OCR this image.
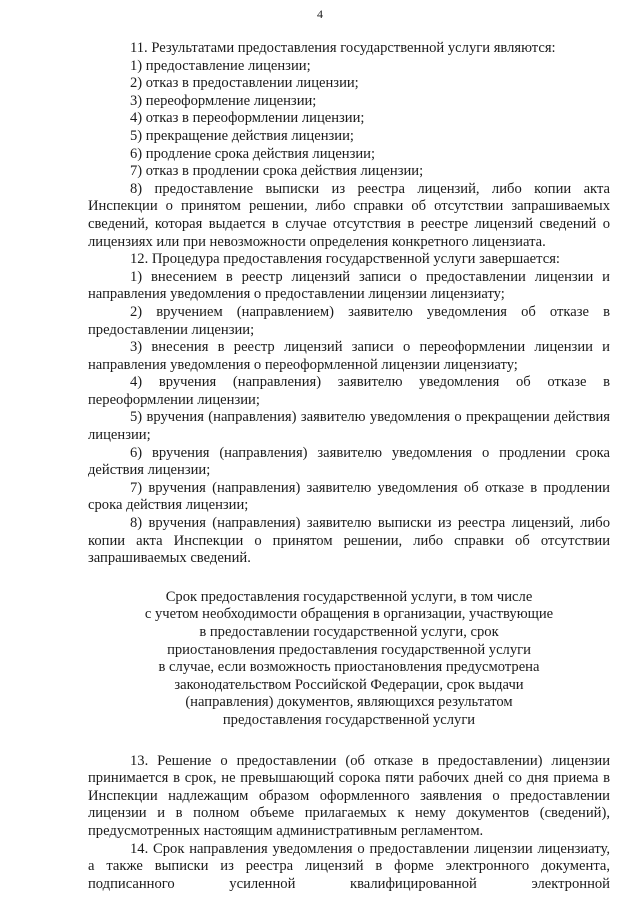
4
11. Результатами предоставления государственной услуги являются:
1) предоставление лицензии;
2) отказ в предоставлении лицензии;
3) переоформление лицензии;
4) отказ в переоформлении лицензии;
5) прекращение действия лицензии;
6) продление срока действия лицензии;
7) отказ в продлении срока действия лицензии;
8) предоставление выписки из реестра лицензий, либо копии акта Инспекции о принятом решении, либо справки об отсутствии запрашиваемых сведений, которая выдается в случае отсутствия в реестре лицензий сведений о лицензиях или при невозможности определения конкретного лицензиата.
12. Процедура предоставления государственной услуги завершается:
1) внесением в реестр лицензий записи о предоставлении лицензии и направления уведомления о предоставлении лицензии лицензиату;
2) вручением (направлением) заявителю уведомления об отказе в предоставлении лицензии;
3) внесения в реестр лицензий записи о переоформлении лицензии и направления уведомления о переоформленной лицензии лицензиату;
4) вручения (направления) заявителю уведомления об отказе в переоформлении лицензии;
5) вручения (направления) заявителю уведомления о прекращении действия лицензии;
6) вручения (направления) заявителю уведомления о продлении срока действия лицензии;
7) вручения (направления) заявителю уведомления об отказе в продлении срока действия лицензии;
8) вручения (направления) заявителю выписки из реестра лицензий, либо копии акта Инспекции о принятом решении, либо справки об отсутствии запрашиваемых сведений.
Срок предоставления государственной услуги, в том числе
с учетом необходимости обращения в организации, участвующие
в предоставлении государственной услуги, срок
приостановления предоставления государственной услуги
в случае, если возможность приостановления предусмотрена
законодательством Российской Федерации, срок выдачи
(направления) документов, являющихся результатом
предоставления государственной услуги
13. Решение о предоставлении (об отказе в предоставлении) лицензии принимается в срок, не превышающий сорока пяти рабочих дней со дня приема в Инспекции надлежащим образом оформленного заявления о предоставлении лицензии и в полном объеме прилагаемых к нему документов (сведений), предусмотренных настоящим административным регламентом.
14. Срок направления уведомления о предоставлении лицензии лицензиату, а также выписки из реестра лицензий в форме электронного документа, подписанного усиленной квалифицированной электронной
